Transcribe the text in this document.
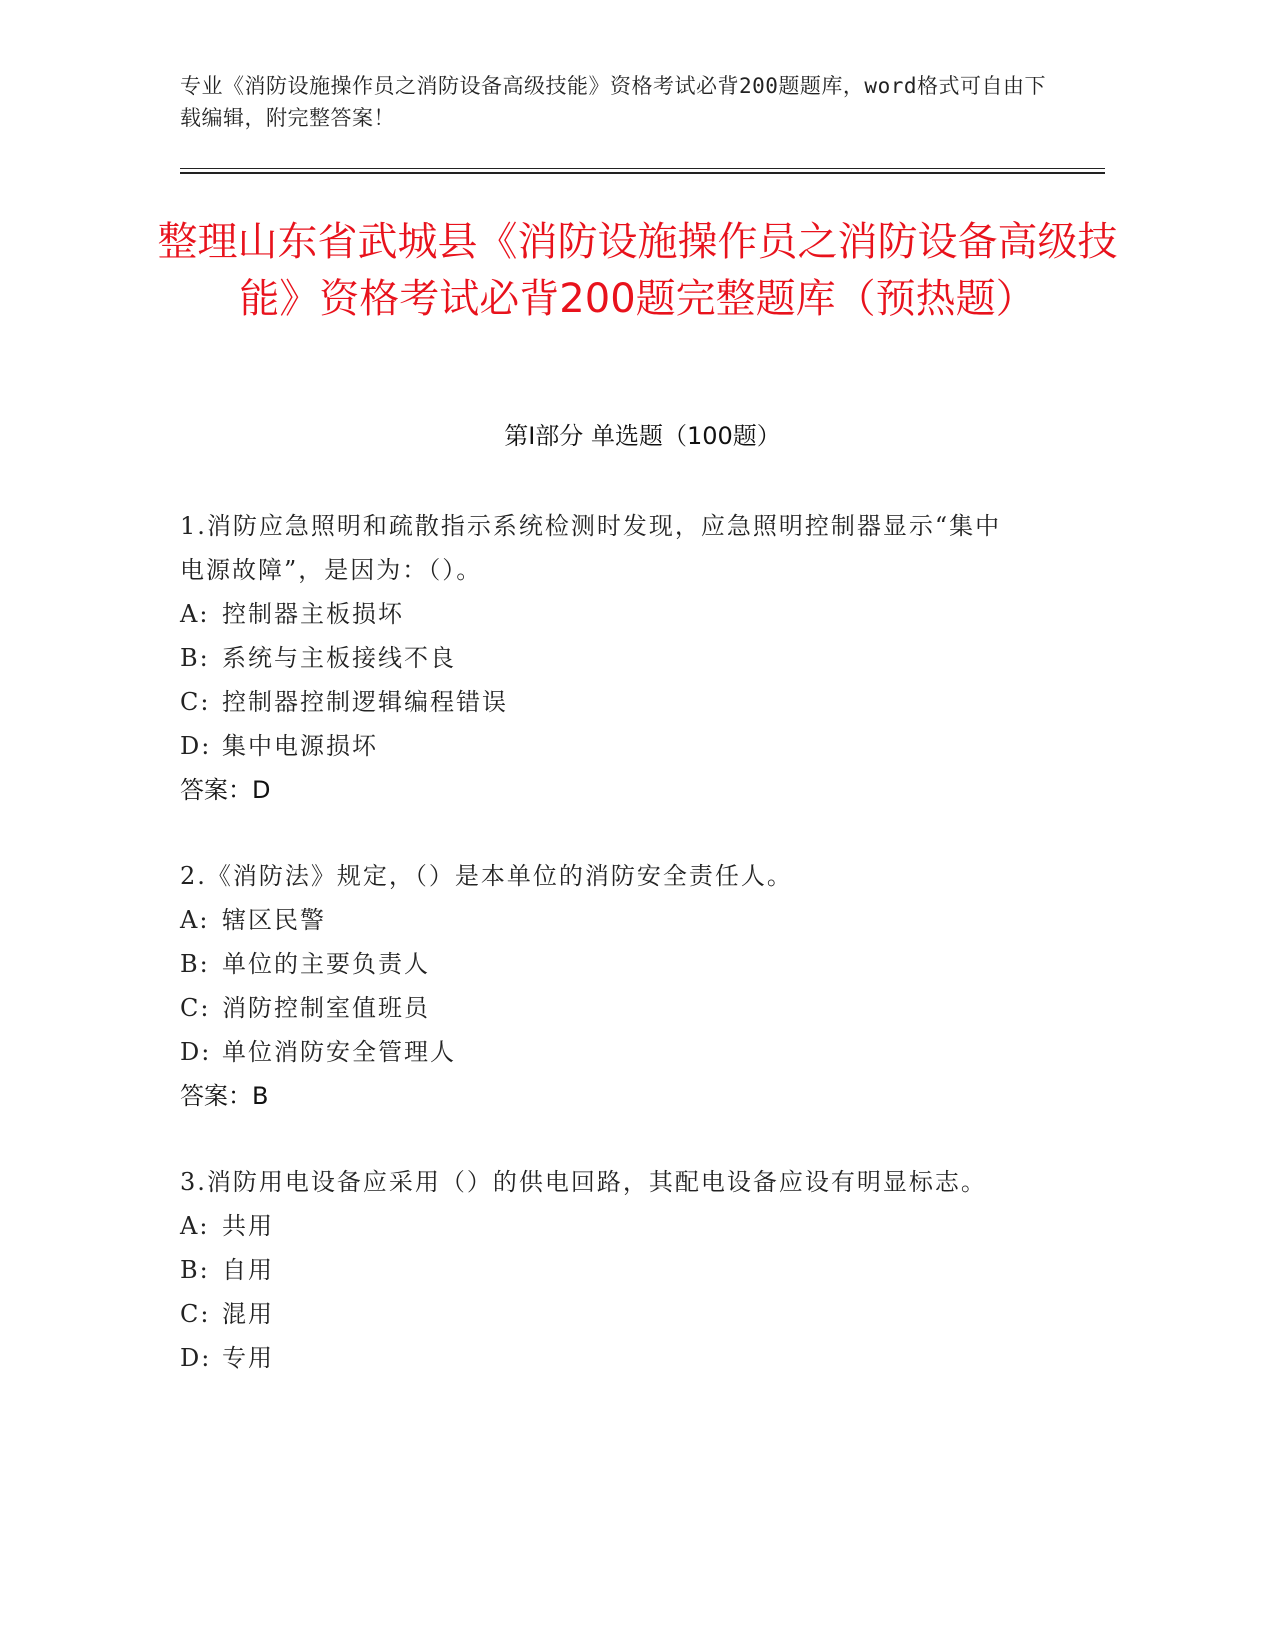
专业《消防设施操作员之消防设备高级技能》资格考试必背200题题库，word格式可自由下载编辑，附完整答案！
整理山东省武城县《消防设施操作员之消防设备高级技能》资格考试必背200题完整题库（预热题）
第Ⅰ部分 单选题（100题）
1.消防应急照明和疏散指示系统检测时发现，应急照明控制器显示“集中电源故障”，是因为：（）。
A: 控制器主板损坏
B: 系统与主板接线不良
C: 控制器控制逻辑编程错误
D: 集中电源损坏
答案：D
2.《消防法》规定，（）是本单位的消防安全责任人。
A: 辖区民警
B: 单位的主要负责人
C: 消防控制室值班员
D: 单位消防安全管理人
答案：B
3.消防用电设备应采用（）的供电回路，其配电设备应设有明显标志。
A: 共用
B: 自用
C: 混用
D: 专用
